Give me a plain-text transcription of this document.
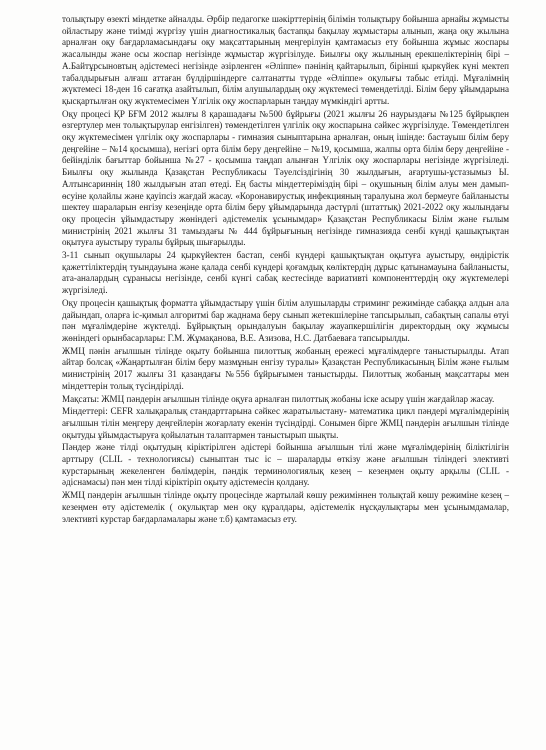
толықтыру өзекті міндетке айналды. Әрбір педагогке шәкірттерінің білімін толықтыру бойынша арнайы жұмысты ойластыру және тиімді жүргізу үшін диагностикалық бастапқы бақылау жұмыстары алынып, жаңа оқу жылына арналған оқу бағдарламасындағы оқу мақсаттарының меңгерілуін қамтамасыз ету бойынша жұмыс жоспары жасалынды және осы жоспар негізінде жұмыстар жүргізілуде. Биылғы оқу жылының ерекшеліктерінің бірі – А.Байтұрсыновтың әдістемесі негізінде әзірленген «Әліппе» пәнінің қайтарылып, бірінші қыркүйек күні мектеп табалдырығын алғаш аттаған бүлдіршіндерге салтанатты түрде «Әліппе» оқулығы табыс етілді. Мұғалімнің жүктемесі 18-ден 16 сағатқа азайтылып, білім алушылардың оқу жүктемесі төмендетілді. Білім беру ұйымдарына қысқартылған оқу жүктемесімен Үлгілік оқу жоспарларын таңдау мүмкіндігі артты.

Оқу процесі ҚР БҒМ 2012 жылғы 8 қарашадағы №500 бұйрығы (2021 жылғы 26 наурыздағы №125 бұйрықпен өзгертулер мен толықтырулар енгізілген) төмендетілген үлгілік оқу жоспарына сәйкес жүргізілуде. Төмендетілген оқу жүктемесімен үлгілік оқу жоспарлары - гимназия сыныптарына арналған, оның ішінде: бастауыш білім беру деңгейіне – №14 қосымша), негізгі орта білім беру деңгейіне – №19, қосымша, жалпы орта білім беру деңгейіне - бейінділік бағыттар бойынша №27 - қосымша таңдап алынған Үлгілік оқу жоспарлары негізінде жүргізіледі. Биылғы оқу жылында Қазақстан Республикасы Тәуелсіздігінің 30 жылдығын, ағартушы-ұстазымыз Ы. Алтынсариннің 180 жылдығын атап өтеді. Ең басты міндеттеріміздің бірі – оқушының білім алуы мен дамып- өсуіне қолайлы және қауіпсіз жағдай жасау. «Коронавирустық инфекцияның таралуына жол бермеуге байланысты шектеу шараларын енгізу кезеңінде орта білім беру ұйымдарында дәстүрлі (штаттық) 2021-2022 оқу жылындағы оқу процесін ұйымдастыру жөніндегі әдістемелік ұсынымдар» Қазақстан Республикасы Білім және ғылым министрінің 2021 жылғы 31 тамыздағы № 444 бұйрығының негізінде гимназияда сенбі күнді қашықтықтан оқытуға ауыстыру туралы бұйрық шығарылды.

3-11 сынып оқушылары 24 қыркүйектен бастап, сенбі күндері қашықтықтан оқытуға ауыстыру, өндірістік қажеттіліктердің туындауына және қалада сенбі күндері қоғамдық көліктердің дұрыс қатынамауына байланысты, ата-аналардың сұранысы негізінде, сенбі күнгі сабақ кестесінде вариативті компоненттердің оқу жүктемелері жүргізіледі.

Оқу процесін қашықтық форматта ұйымдастыру үшін білім алушыларды стриминг режимінде сабаққа алдын ала дайындап, оларға іс-қимыл алгоритмі бар жаднама беру сынып жетекшілеріне тапсырылып, сабақтың сапалы өтуі пән мұғалімдеріне жүктелді. Бұйрықтың орындалуын бақылау жауапкершілігін директордың оқу жұмысы жөніндегі орынбасарлары: Г.М. Жұмақанова, В.Е. Азизова, Н.С. Датбаеваға тапсырылды.

ЖМЦ пәнін ағылшын тілінде оқыту бойынша пилоттық жобаның ережесі мұғалімдерге таныстырылды. Атап айтар болсақ «Жаңартылған білім беру мазмұнын енгізу туралы» Қазақстан Республикасының Білім және ғылым министрінің 2017 жылғы 31 қазандағы №556 бұйрығымен таныстырды. Пилоттық жобаның мақсаттары мен міндеттерін толық түсіндірілді.

Мақсаты: ЖМЦ пәндерін ағылшын тілінде оқуға арналған пилоттық жобаны іске асыру үшін жағдайлар жасау.

Міндеттері: CEFR халықаралық стандарттарына сәйкес жаратылыстану- математика цикл пәндері мұғалімдерінің ағылшын тілін меңгеру деңгейлерін жоғарлату екенін түсіндірді. Сонымен бірге ЖМЦ пәндерін ағылшын тілінде оқытуды ұйымдастыруға қойылатын талаптармен таныстырып шықты.

Пәндер және тілді оқытудың кіріктірілген әдістері бойынша ағылшын тілі және мұғалімдерінің біліктілігін арттыру (CLIL - технологиясы) сыныптан тыс іс – шараларды өткізу және ағылшын тіліндегі элективті курстарының жекеленген бөлімдерін, пәндік терминологиялық кезең – кезеңмен оқыту арқылы (CLIL - әдіснамасы) пән мен тілді кіріктіріп оқыту әдістемесін қолдану.

ЖМЦ пәндерін ағылшын тілінде оқыту процесінде жартылай көшу режиміннен толықтай көшу режиміне кезең – кезеңмен өту әдістемелік ( оқулықтар мен оқу құралдары, әдістемелік нұсқаулықтары мен ұсынымдамалар, элективті курстар бағдарламалары және т.б) қамтамасыз ету.
